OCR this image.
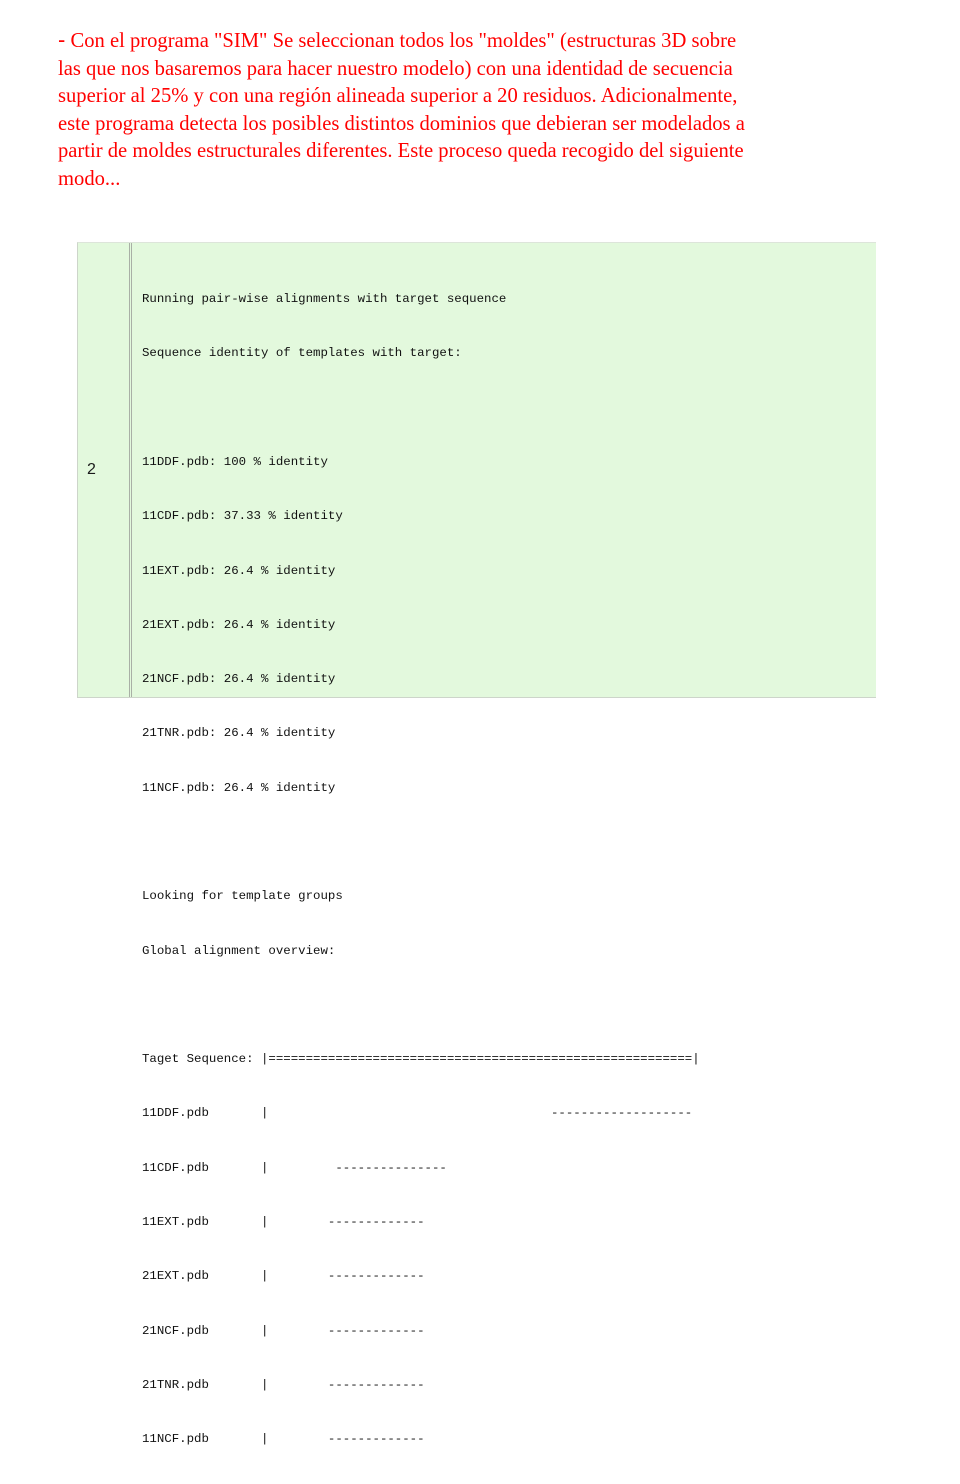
- Con el programa "SIM" Se seleccionan todos los "moldes" (estructuras 3D sobre
las que nos basaremos para hacer nuestro modelo) con una identidad de secuencia
superior al 25% y con una región alineada superior a 20 residuos. Adicionalmente,
este programa detecta los posibles distintos dominios que debieran ser modelados a
partir de moldes estructurales diferentes. Este proceso queda recogido del siguiente
modo...
2

Running pair-wise alignments with target sequence

Sequence identity of templates with target:

11DDF.pdb: 100 % identity

11CDF.pdb: 37.33 % identity

11EXT.pdb: 26.4 % identity

21EXT.pdb: 26.4 % identity

21NCF.pdb: 26.4 % identity

21TNR.pdb: 26.4 % identity

11NCF.pdb: 26.4 % identity

Looking for template groups

Global alignment overview:

Taget Sequence: |=========================================================|

11DDF.pdb       |                                      -------------------

11CDF.pdb       |         ---------------

11EXT.pdb       |        -------------

21EXT.pdb       |        -------------

21NCF.pdb       |        -------------

21TNR.pdb       |        -------------

11NCF.pdb       |        -------------
